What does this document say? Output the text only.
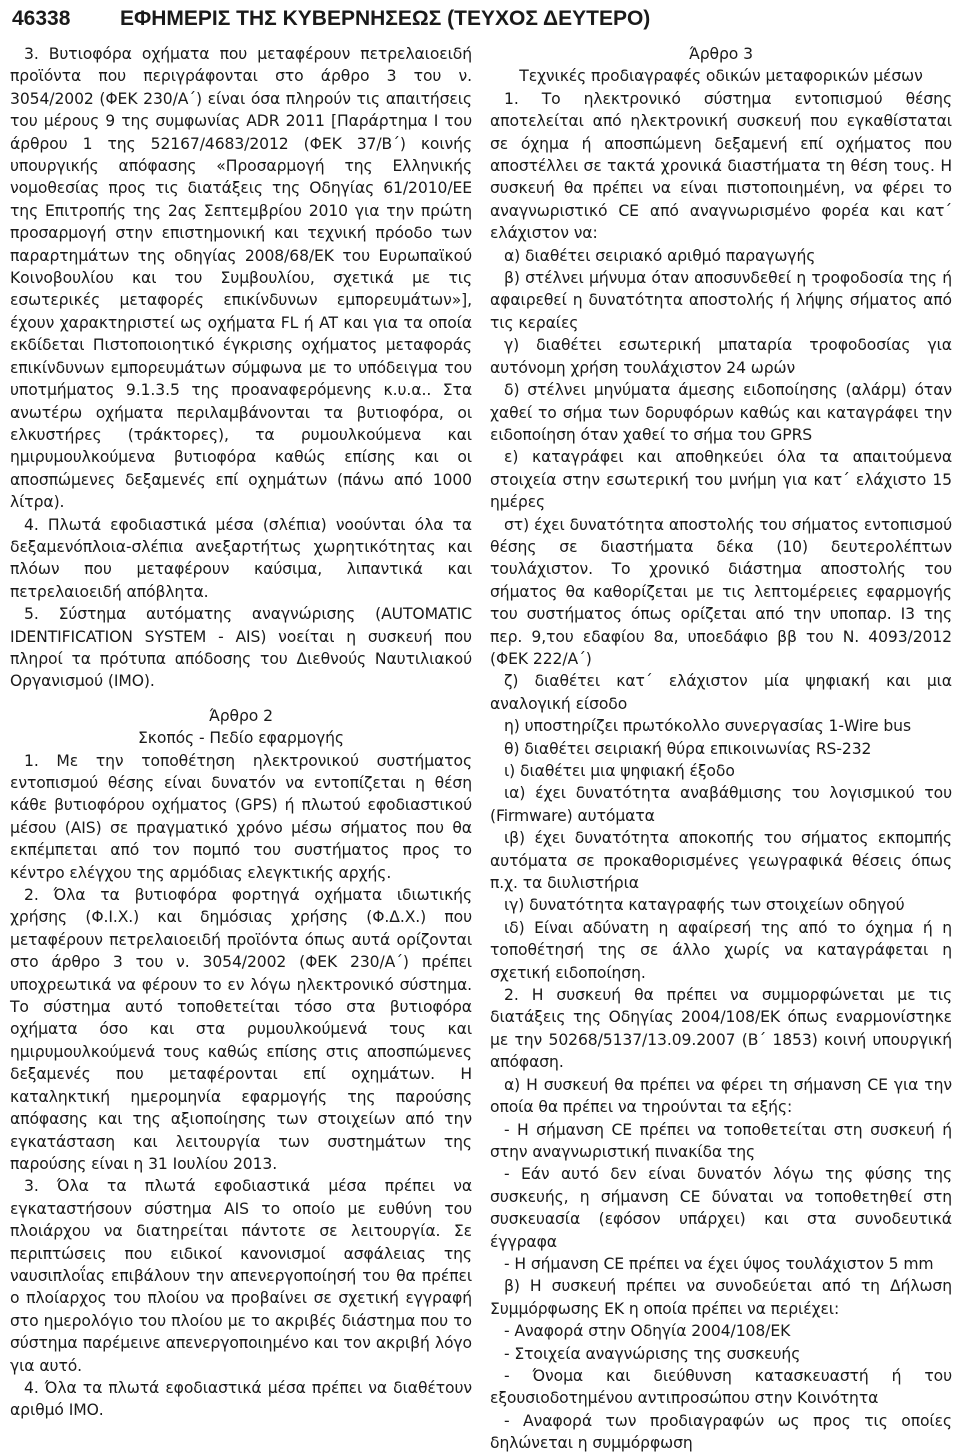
46338 ΕΦΗΜΕΡΙΣ ΤΗΣ ΚΥΒΕΡΝΗΣΕΩΣ (ΤΕΥΧΟΣ ΔΕΥΤΕΡΟ)

3. Βυτιοφόρα οχήματα που μεταφέρουν πετρελαιοειδή προϊόντα που περιγράφονται στο άρθρο 3 του ν. 3054/2002 (ΦΕΚ 230/Α΄) είναι όσα πληρούν τις απαιτήσεις του μέρους 9 της συμφωνίας ADR 2011 [Παράρτημα Ι του άρθρου 1 της 52167/4683/2012 (ΦΕΚ 37/Β΄) κοινής υπουργικής απόφασης «Προσαρμογή της Ελληνικής νομοθεσίας προς τις διατάξεις της Οδηγίας 61/2010/ΕΕ της Επιτροπής της 2ας Σεπτεμβρίου 2010 για την πρώτη προσαρμογή στην επιστημονική και τεχνική πρόοδο των παραρτημάτων της οδηγίας 2008/68/ΕΚ του Ευρωπαϊκού Κοινοβουλίου και του Συμβουλίου, σχετικά με τις εσωτερικές μεταφορές επικίνδυνων εμπορευμάτων»], έχουν χαρακτηριστεί ως οχήματα FL ή AT και για τα οποία εκδίδεται Πιστοποιοητικό έγκρισης οχήματος μεταφοράς επικίνδυνων εμπορευμάτων σύμφωνα με το υπόδειγμα του υποτμήματος 9.1.3.5 της προαναφερόμενης κ.υ.α.. Στα ανωτέρω οχήματα περιλαμβάνονται τα βυτιοφόρα, οι ελκυστήρες (τράκτορες), τα ρυμουλκούμενα και ημιρυμουλκούμενα βυτιοφόρα καθώς επίσης και οι αποσπώμενες δεξαμενές επί οχημάτων (πάνω από 1000 λίτρα).

4. Πλωτά εφοδιαστικά μέσα (σλέπια) νοούνται όλα τα δεξαμενόπλοια-σλέπια ανεξαρτήτως χωρητικότητας και πλόων που μεταφέρουν καύσιμα, λιπαντικά και πετρελαιοειδή απόβλητα.

5. Σύστημα αυτόματης αναγνώρισης (AUTOMATIC IDENTIFICATION SYSTEM - AIS) νοείται η συσκευή που πληροί τα πρότυπα απόδοσης του Διεθνούς Ναυτιλιακού Οργανισμού (ΙΜΟ).

Άρθρο 2

Σκοπός - Πεδίο εφαρμογής

1. Με την τοποθέτηση ηλεκτρονικού συστήματος εντοπισμού θέσης είναι δυνατόν να εντοπίζεται η θέση κάθε βυτιοφόρου οχήματος (GPS) ή πλωτού εφοδιαστικού μέσου (AIS) σε πραγματικό χρόνο μέσω σήματος που θα εκπέμπεται από τον πομπό του συστήματος προς το κέντρο ελέγχου της αρμόδιας ελεγκτικής αρχής.

2. Όλα τα βυτιοφόρα φορτηγά οχήματα ιδιωτικής χρήσης (Φ.Ι.Χ.) και δημόσιας χρήσης (Φ.Δ.Χ.) που μεταφέρουν πετρελαιοειδή προϊόντα όπως αυτά ορίζονται στο άρθρο 3 του ν. 3054/2002 (ΦΕΚ 230/Α΄) πρέπει υποχρεωτικά να φέρουν το εν λόγω ηλεκτρονικό σύστημα. Το σύστημα αυτό τοποθετείται τόσο στα βυτιοφόρα οχήματα όσο και στα ρυμουλκούμενά τους και ημιρυμουλκούμενά τους καθώς επίσης στις αποσπώμενες δεξαμενές που μεταφέρονται επί οχημάτων. Η καταληκτική ημερομηνία εφαρμογής της παρούσης απόφασης και της αξιοποίησης των στοιχείων από την εγκατάσταση και λειτουργία των συστημάτων της παρούσης είναι η 31 Ιουλίου 2013.

3. Όλα τα πλωτά εφοδιαστικά μέσα πρέπει να εγκαταστήσουν σύστημα AIS το οποίο με ευθύνη του πλοιάρχου να διατηρείται πάντοτε σε λειτουργία. Σε περιπτώσεις που ειδικοί κανονισμοί ασφάλειας της ναυσιπλοΐας επιβάλουν την απενεργοποίησή του θα πρέπει ο πλοίαρχος του πλοίου να προβαίνει σε σχετική εγγραφή στο ημερολόγιο του πλοίου με το ακριβές διάστημα που το σύστημα παρέμεινε απενεργοποιημένο και τον ακριβή λόγο για αυτό.

4. Όλα τα πλωτά εφοδιαστικά μέσα πρέπει να διαθέτουν αριθμό ΙΜΟ.

Άρθρο 3

Τεχνικές προδιαγραφές οδικών μεταφορικών μέσων

1. Το ηλεκτρονικό σύστημα εντοπισμού θέσης αποτελείται από ηλεκτρονική συσκευή που εγκαθίσταται σε όχημα ή αποσπώμενη δεξαμενή επί οχήματος που αποστέλλει σε τακτά χρονικά διαστήματα τη θέση τους. Η συσκευή θα πρέπει να είναι πιστοποιημένη, να φέρει το αναγνωριστικό CE από αναγνωρισμένο φορέα και κατ΄ ελάχιστον να:

α) διαθέτει σειριακό αριθμό παραγωγής

β) στέλνει μήνυμα όταν αποσυνδεθεί η τροφοδοσία της ή αφαιρεθεί η δυνατότητα αποστολής ή λήψης σήματος από τις κεραίες

γ) διαθέτει εσωτερική μπαταρία τροφοδοσίας για αυτόνομη χρήση τουλάχιστον 24 ωρών

δ) στέλνει μηνύματα άμεσης ειδοποίησης (αλάρμ) όταν χαθεί το σήμα των δορυφόρων καθώς και καταγράφει την ειδοποίηση όταν χαθεί το σήμα του GPRS

ε) καταγράφει και αποθηκεύει όλα τα απαιτούμενα στοιχεία στην εσωτερική του μνήμη για κατ΄ ελάχιστο 15 ημέρες

στ) έχει δυνατότητα αποστολής του σήματος εντοπισμού θέσης σε διαστήματα δέκα (10) δευτερολέπτων τουλάχιστον. Το χρονικό διάστημα αποστολής του σήματος θα καθορίζεται με τις λεπτομέρειες εφαρμογής του συστήματος όπως ορίζεται από την υποπαρ. Ι3 της περ. 9,του εδαφίου 8α, υποεδάφιο ββ του Ν. 4093/2012 (ΦΕΚ 222/Α΄)

ζ) διαθέτει κατ΄ ελάχιστον μία ψηφιακή και μια αναλογική είσοδο

η) υποστηρίζει πρωτόκολλο συνεργασίας 1-Wire bus

θ) διαθέτει σειριακή θύρα επικοινωνίας RS-232

ι) διαθέτει μια ψηφιακή έξοδο

ια) έχει δυνατότητα αναβάθμισης του λογισμικού του (Firmware) αυτόματα

ιβ) έχει δυνατότητα αποκοπής του σήματος εκπομπής αυτόματα σε προκαθορισμένες γεωγραφικά θέσεις όπως π.χ. τα διυλιστήρια

ιγ) δυνατότητα καταγραφής των στοιχείων οδηγού

ιδ) Είναι αδύνατη η αφαίρεσή της από το όχημα ή η τοποθέτησή της σε άλλο χωρίς να καταγράφεται η σχετική ειδοποίηση.

2. Η συσκευή θα πρέπει να συμμορφώνεται με τις διατάξεις της Οδηγίας 2004/108/ΕΚ όπως εναρμονίστηκε με την 50268/5137/13.09.2007 (Β΄ 1853) κοινή υπουργική απόφαση.

α) Η συσκευή θα πρέπει να φέρει τη σήμανση CE για την οποία θα πρέπει να τηρούνται τα εξής:

- Η σήμανση CE πρέπει να τοποθετείται στη συσκευή ή στην αναγνωριστική πινακίδα της

- Εάν αυτό δεν είναι δυνατόν λόγω της φύσης της συσκευής, η σήμανση CE δύναται να τοποθετηθεί στη συσκευασία (εφόσον υπάρχει) και στα συνοδευτικά έγγραφα

- Η σήμανση CE πρέπει να έχει ύψος τουλάχιστον 5 mm

β) Η συσκευή πρέπει να συνοδεύεται από τη Δήλωση Συμμόρφωσης ΕΚ η οποία πρέπει να περιέχει:

- Αναφορά στην Οδηγία 2004/108/ΕΚ

- Στοιχεία αναγνώρισης της συσκευής

- Όνομα και διεύθυνση κατασκευαστή ή του εξουσιοδοτημένου αντιπροσώπου στην Κοινότητα

- Αναφορά των προδιαγραφών ως προς τις οποίες δηλώνεται η συμμόρφωση
